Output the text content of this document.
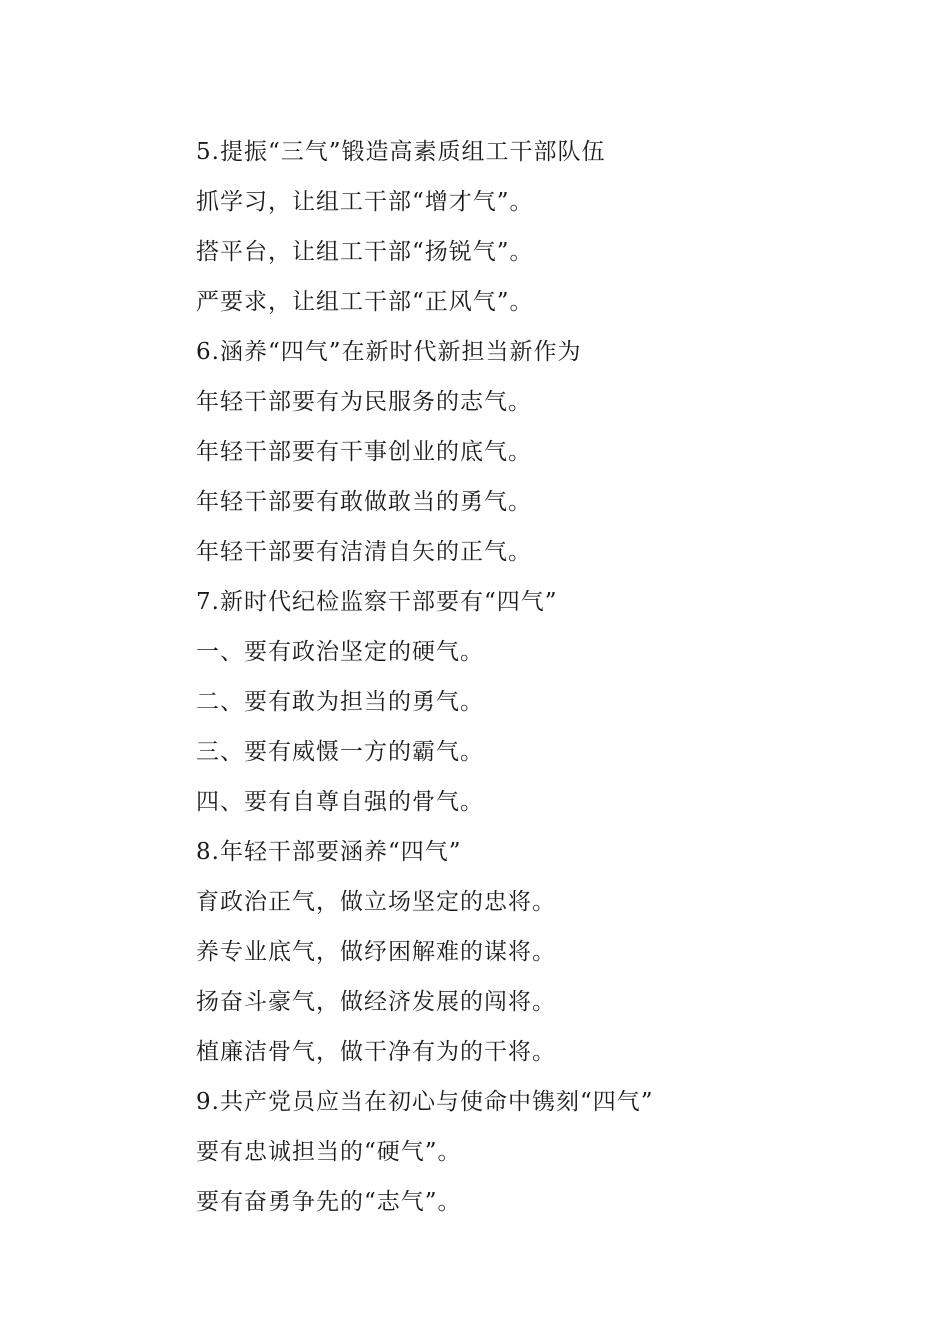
5.提振“三气”锻造高素质组工干部队伍
抓学习，让组工干部“增才气”。
搭平台，让组工干部“扬锐气”。
严要求，让组工干部“正风气”。
6.涵养“四气”在新时代新担当新作为
年轻干部要有为民服务的志气。
年轻干部要有干事创业的底气。
年轻干部要有敢做敢当的勇气。
年轻干部要有洁清自矢的正气。
7.新时代纪检监察干部要有“四气”
一、要有政治坚定的硬气。
二、要有敢为担当的勇气。
三、要有威慑一方的霸气。
四、要有自尊自强的骨气。
8.年轻干部要涵养“四气”
育政治正气，做立场坚定的忠将。
养专业底气，做纾困解难的谋将。
扬奋斗豪气，做经济发展的闯将。
植廉洁骨气，做干净有为的干将。
9.共产党员应当在初心与使命中镌刻“四气”
要有忠诚担当的“硬气”。
要有奋勇争先的“志气”。
